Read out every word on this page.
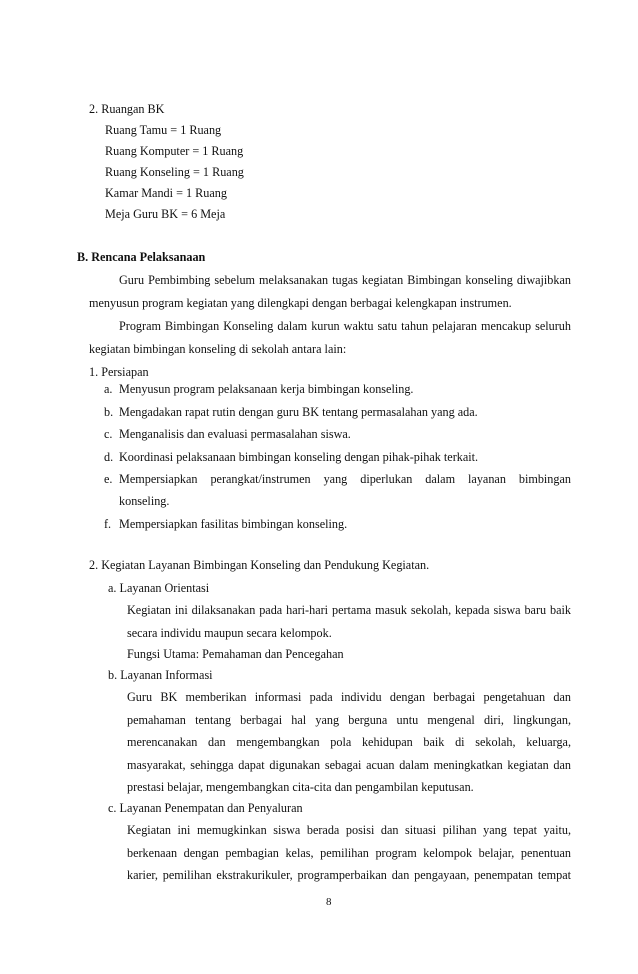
2. Ruangan BK
Ruang Tamu = 1 Ruang
Ruang Komputer = 1 Ruang
Ruang Konseling = 1 Ruang
Kamar Mandi = 1 Ruang
Meja Guru BK = 6 Meja
B. Rencana Pelaksanaan
Guru Pembimbing sebelum melaksanakan tugas kegiatan Bimbingan konseling diwajibkan
menyusun program kegiatan yang dilengkapi dengan berbagai kelengkapan instrumen.
Program Bimbingan Konseling dalam kurun waktu satu tahun pelajaran mencakup seluruh
kegiatan bimbingan konseling di sekolah antara lain:
1. Persiapan
a. Menyusun program pelaksanaan kerja bimbingan konseling.
b. Mengadakan rapat rutin dengan guru BK tentang permasalahan yang ada.
c. Menganalisis dan evaluasi permasalahan siswa.
d. Koordinasi pelaksanaan bimbingan konseling dengan pihak-pihak terkait.
e. Mempersiapkan perangkat/instrumen yang diperlukan dalam layanan bimbingan
konseling.
f. Mempersiapkan fasilitas bimbingan konseling.
2. Kegiatan Layanan Bimbingan Konseling dan Pendukung Kegiatan.
a. Layanan Orientasi
Kegiatan ini dilaksanakan pada hari-hari pertama masuk sekolah, kepada siswa baru baik
secara individu maupun secara kelompok.
Fungsi Utama: Pemahaman dan Pencegahan
b. Layanan Informasi
Guru BK memberikan informasi pada individu dengan berbagai pengetahuan dan
pemahaman tentang berbagai hal yang berguna untu mengenal diri, lingkungan,
merencanakan dan mengembangkan pola kehidupan baik di sekolah, keluarga,
masyarakat, sehingga dapat digunakan sebagai acuan dalam meningkatkan kegiatan dan
prestasi belajar, mengembangkan cita-cita dan pengambilan keputusan.
c. Layanan Penempatan dan Penyaluran
Kegiatan ini memugkinkan siswa berada posisi dan situasi pilihan yang tepat yaitu,
berkenaan dengan pembagian kelas, pemilihan program kelompok belajar, penentuan
karier, pemilihan ekstrakurikuler, programperbaikan dan pengayaan, penempatan tempat
8
